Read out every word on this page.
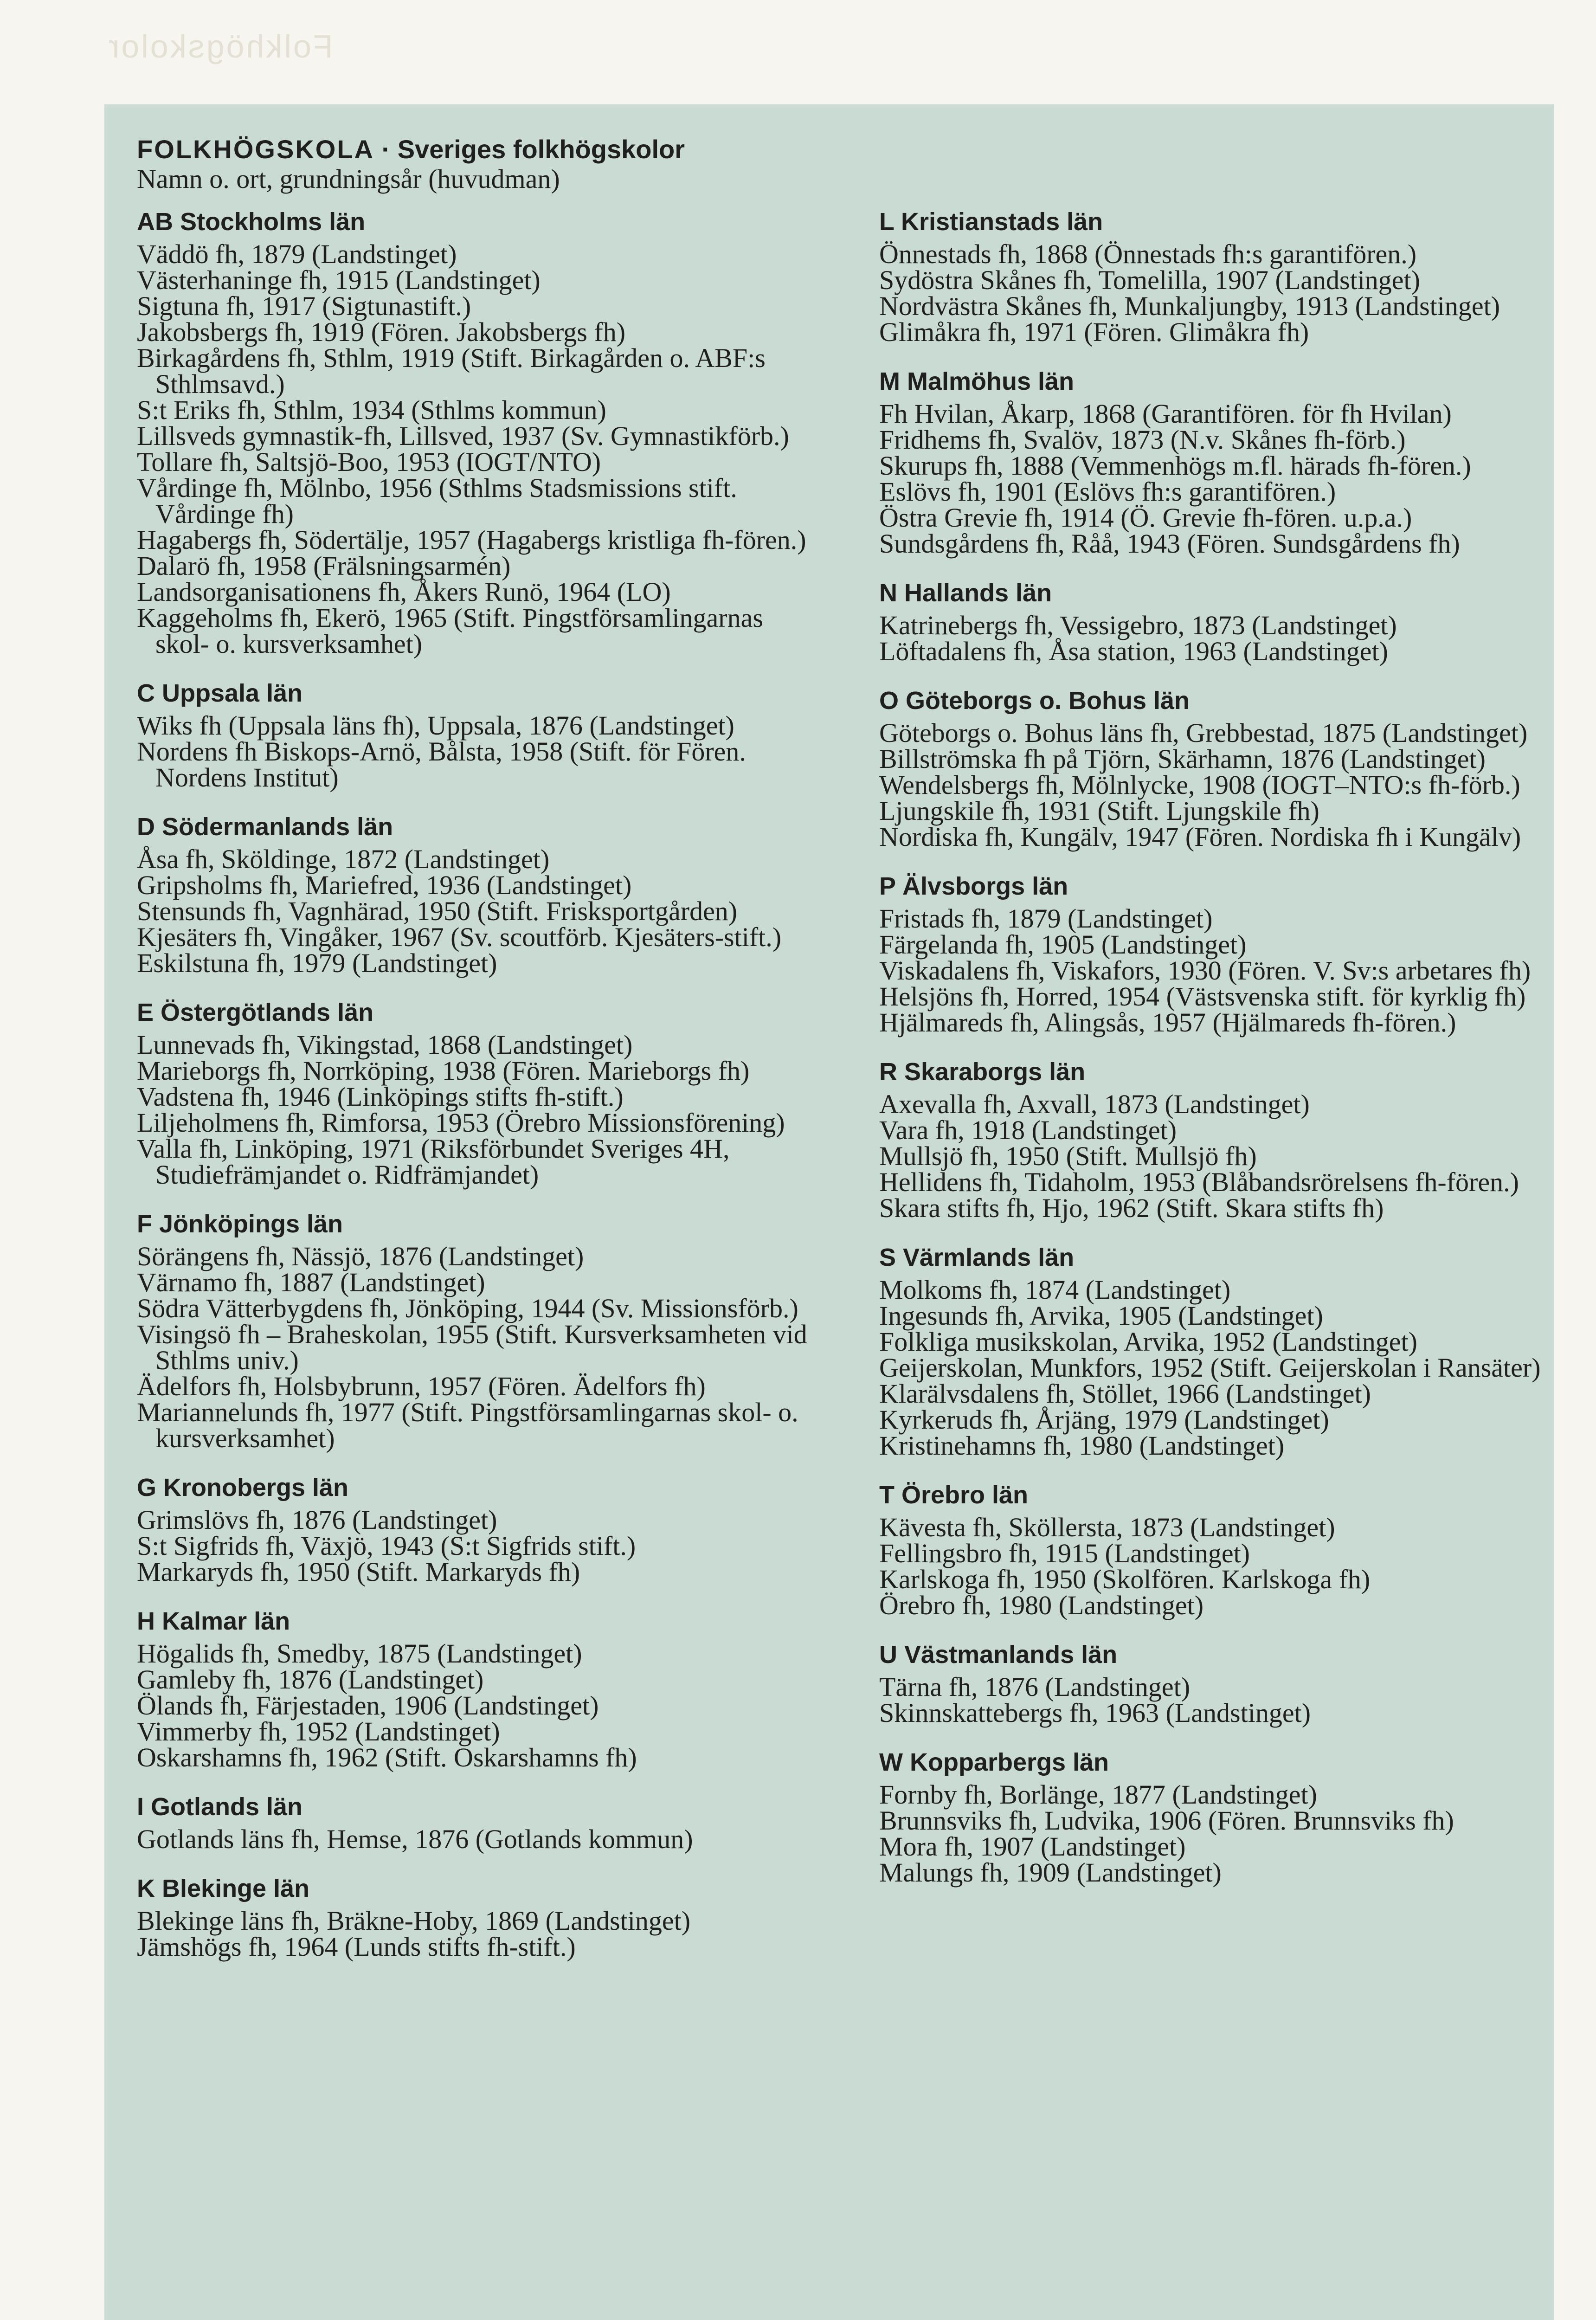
Folkhögskolor

FOLKHÖGSKOLA · Sveriges folkhögskolor

Namn o. ort, grundningsår (huvudman)

AB Stockholms län

Väddö fh, 1879 (Landstinget)

Västerhaninge fh, 1915 (Landstinget)

Sigtuna fh, 1917 (Sigtunastift.)

Jakobsbergs fh, 1919 (Fören. Jakobsbergs fh)

Birkagårdens fh, Sthlm, 1919 (Stift. Birkagården o. ABF:s Sthlmsavd.)

S:t Eriks fh, Sthlm, 1934 (Sthlms kommun)

Lillsveds gymnastik-fh, Lillsved, 1937 (Sv. Gymnastikförb.)

Tollare fh, Saltsjö-Boo, 1953 (IOGT/NTO)

Vårdinge fh, Mölnbo, 1956 (Sthlms Stadsmissions stift. Vårdinge fh)

Hagabergs fh, Södertälje, 1957 (Hagabergs kristliga fh-fören.)

Dalarö fh, 1958 (Frälsningsarmén)

Landsorganisationens fh, Åkers Runö, 1964 (LO)

Kaggeholms fh, Ekerö, 1965 (Stift. Pingstförsamlingarnas skol- o. kursverksamhet)

C Uppsala län

Wiks fh (Uppsala läns fh), Uppsala, 1876 (Landstinget)

Nordens fh Biskops-Arnö, Bålsta, 1958 (Stift. för Fören. Nordens Institut)

D Södermanlands län

Åsa fh, Sköldinge, 1872 (Landstinget)

Gripsholms fh, Mariefred, 1936 (Landstinget)

Stensunds fh, Vagnhärad, 1950 (Stift. Frisksportgården)

Kjesäters fh, Vingåker, 1967 (Sv. scoutförb. Kjesäters-stift.)

Eskilstuna fh, 1979 (Landstinget)

E Östergötlands län

Lunnevads fh, Vikingstad, 1868 (Landstinget)

Marieborgs fh, Norrköping, 1938 (Fören. Marieborgs fh)

Vadstena fh, 1946 (Linköpings stifts fh-stift.)

Liljeholmens fh, Rimforsa, 1953 (Örebro Missionsförening)

Valla fh, Linköping, 1971 (Riksförbundet Sveriges 4H, Studiefrämjandet o. Ridfrämjandet)

F Jönköpings län

Sörängens fh, Nässjö, 1876 (Landstinget)

Värnamo fh, 1887 (Landstinget)

Södra Vätterbygdens fh, Jönköping, 1944 (Sv. Missionsförb.)

Visingsö fh – Braheskolan, 1955 (Stift. Kursverksamheten vid Sthlms univ.)

Ädelfors fh, Holsbybrunn, 1957 (Fören. Ädelfors fh)

Mariannelunds fh, 1977 (Stift. Pingstförsamlingarnas skol- o. kursverksamhet)

G Kronobergs län

Grimslövs fh, 1876 (Landstinget)

S:t Sigfrids fh, Växjö, 1943 (S:t Sigfrids stift.)

Markaryds fh, 1950 (Stift. Markaryds fh)

H Kalmar län

Högalids fh, Smedby, 1875 (Landstinget)

Gamleby fh, 1876 (Landstinget)

Ölands fh, Färjestaden, 1906 (Landstinget)

Vimmerby fh, 1952 (Landstinget)

Oskarshamns fh, 1962 (Stift. Oskarshamns fh)

I Gotlands län

Gotlands läns fh, Hemse, 1876 (Gotlands kommun)

K Blekinge län

Blekinge läns fh, Bräkne-Hoby, 1869 (Landstinget)

Jämshögs fh, 1964 (Lunds stifts fh-stift.)

L Kristianstads län

Önnestads fh, 1868 (Önnestads fh:s garantifören.)

Sydöstra Skånes fh, Tomelilla, 1907 (Landstinget)

Nordvästra Skånes fh, Munkaljungby, 1913 (Landstinget)

Glimåkra fh, 1971 (Fören. Glimåkra fh)

M Malmöhus län

Fh Hvilan, Åkarp, 1868 (Garantifören. för fh Hvilan)

Fridhems fh, Svalöv, 1873 (N.v. Skånes fh-förb.)

Skurups fh, 1888 (Vemmenhögs m.fl. härads fh-fören.)

Eslövs fh, 1901 (Eslövs fh:s garantifören.)

Östra Grevie fh, 1914 (Ö. Grevie fh-fören. u.p.a.)

Sundsgårdens fh, Råå, 1943 (Fören. Sundsgårdens fh)

N Hallands län

Katrinebergs fh, Vessigebro, 1873 (Landstinget)

Löftadalens fh, Åsa station, 1963 (Landstinget)

O Göteborgs o. Bohus län

Göteborgs o. Bohus läns fh, Grebbestad, 1875 (Landstinget)

Billströmska fh på Tjörn, Skärhamn, 1876 (Landstinget)

Wendelsbergs fh, Mölnlycke, 1908 (IOGT–NTO:s fh-förb.)

Ljungskile fh, 1931 (Stift. Ljungskile fh)

Nordiska fh, Kungälv, 1947 (Fören. Nordiska fh i Kungälv)

P Älvsborgs län

Fristads fh, 1879 (Landstinget)

Färgelanda fh, 1905 (Landstinget)

Viskadalens fh, Viskafors, 1930 (Fören. V. Sv:s arbetares fh)

Helsjöns fh, Horred, 1954 (Västsvenska stift. för kyrklig fh)

Hjälmareds fh, Alingsås, 1957 (Hjälmareds fh-fören.)

R Skaraborgs län

Axevalla fh, Axvall, 1873 (Landstinget)

Vara fh, 1918 (Landstinget)

Mullsjö fh, 1950 (Stift. Mullsjö fh)

Hellidens fh, Tidaholm, 1953 (Blåbandsrörelsens fh-fören.)

Skara stifts fh, Hjo, 1962 (Stift. Skara stifts fh)

S Värmlands län

Molkoms fh, 1874 (Landstinget)

Ingesunds fh, Arvika, 1905 (Landstinget)

Folkliga musikskolan, Arvika, 1952 (Landstinget)

Geijerskolan, Munkfors, 1952 (Stift. Geijerskolan i Ransäter)

Klarälvsdalens fh, Stöllet, 1966 (Landstinget)

Kyrkeruds fh, Årjäng, 1979 (Landstinget)

Kristinehamns fh, 1980 (Landstinget)

T Örebro län

Kävesta fh, Sköllersta, 1873 (Landstinget)

Fellingsbro fh, 1915 (Landstinget)

Karlskoga fh, 1950 (Skolfören. Karlskoga fh)

Örebro fh, 1980 (Landstinget)

U Västmanlands län

Tärna fh, 1876 (Landstinget)

Skinnskattebergs fh, 1963 (Landstinget)

W Kopparbergs län

Fornby fh, Borlänge, 1877 (Landstinget)

Brunnsviks fh, Ludvika, 1906 (Fören. Brunnsviks fh)

Mora fh, 1907 (Landstinget)

Malungs fh, 1909 (Landstinget)
